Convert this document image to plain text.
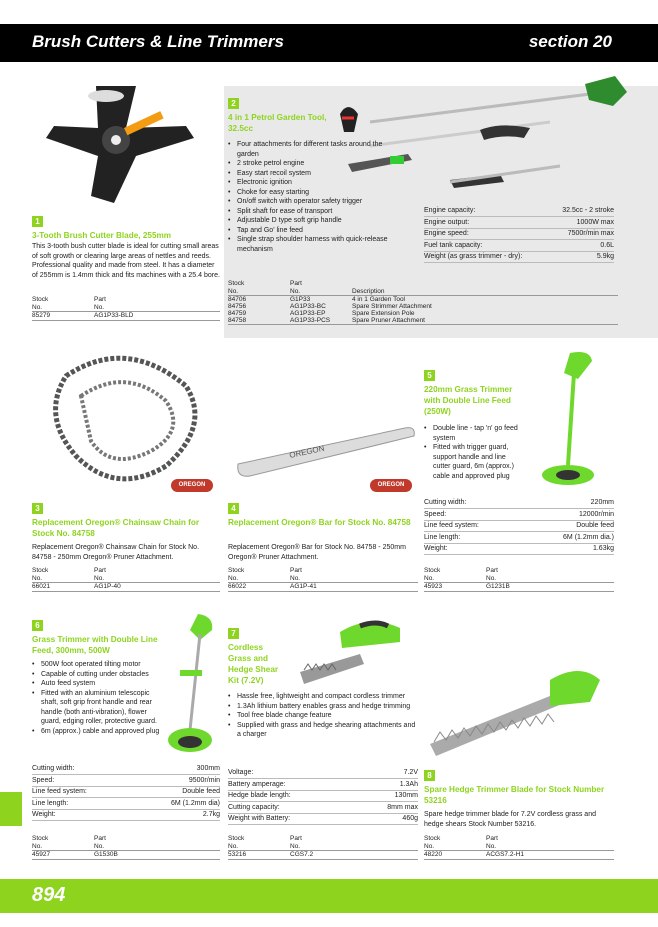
Brush Cutters & Line Trimmers	section 20
1
3-Tooth Brush Cutter Blade, 255mm
This 3-tooth bush cutter blade is ideal for cutting small areas of soft growth or clearing large areas of nettles and reeds. Professional quality and made from steel. It has a diameter of 255mm is 1.4mm thick and fits machines with a 25.4 bore.
Stock
No.	Part
No.
85279	AG1P33-BLD
2
4 in 1 Petrol Garden Tool, 32.5cc
• Four attachments for different tasks around the garden
• 2 stroke petrol engine
• Easy start recoil system
• Electronic ignition
• Choke for easy starting
• On/off switch with operator safety trigger
• Split shaft for ease of transport
• Adjustable D type soft grip handle
• Tap and Go' line feed
• Single strap shoulder harness with quick-release mechanism
Engine capacity:	32.5cc - 2 stroke
Engine output:	1000W max
Engine speed:	7500r/min max
Fuel tank capacity:	0.6L
Weight (as grass trimmer - dry):	5.9kg
Stock
No.	Part
No.	Description
84706	G1P33	4 in 1 Garden Tool
84756	AG1P33-BC	Spare Strimmer Attachment
84759	AG1P33-EP	Spare Extension Pole
84758	AG1P33-PCS	Spare Pruner Attachment
OREGON
3
Replacement Oregon® Chainsaw Chain for Stock No. 84758
Replacement Oregon® Chainsaw Chain for Stock No. 84758 - 250mm Oregon® Pruner Attachment.
Stock
No.	Part
No.
66021	AG1P-40
OREGON
OREGON
4
Replacement Oregon® Bar for Stock No. 84758
Replacement Oregon® Bar for Stock No. 84758 - 250mm Oregon® Pruner Attachment.
Stock
No.	Part
No.
66022	AG1P-41
5
220mm Grass Trimmer with Double Line Feed (250W)
• Double line - tap 'n' go feed system
• Fitted with trigger guard, support handle and line cutter guard, 6m (approx.) cable and approved plug
Cutting width:	220mm
Speed:	12000r/min
Line feed system:	Double feed
Line length:	6M (1.2mm dia.)
Weight:	1.63kg
Stock
No.	Part
No.
45923	G1231B
6
Grass Trimmer with Double Line Feed, 300mm, 500W
• 500W foot operated tilting motor
• Capable of cutting under obstacles
• Auto feed system
• Fitted with an aluminium telescopic shaft, soft grip front handle and rear handle (both anti-vibration), flower guard, edging roller, protective guard.
• 6m (approx.) cable and approved plug
Cutting width:	300mm
Speed:	9500r/min
Line feed system:	Double feed
Line length:	6M (1.2mm dia)
Weight:	2.7kg
Stock
No.	Part
No.
45927	G1530B
7
Cordless Grass and Hedge Shear Kit (7.2V)
• Hassle free, lightweight and compact cordless trimmer
• 1.3Ah lithium battery enables grass and hedge trimming
• Tool free blade change feature
• Supplied with grass and hedge shearing attachments and a charger
Voltage:	7.2V
Battery amperage:	1.3Ah
Hedge blade length:	130mm
Cutting capacity:	8mm max
Weight with Battery:	460g
Stock
No.	Part
No.
53216	CGS7.2
8
Spare Hedge Trimmer Blade for Stock Number 53216
Spare hedge trimmer blade for 7.2V cordless grass and hedge shears Stock Number 53216.
Stock
No.	Part
No.
48220	ACGS7.2-H1
894
